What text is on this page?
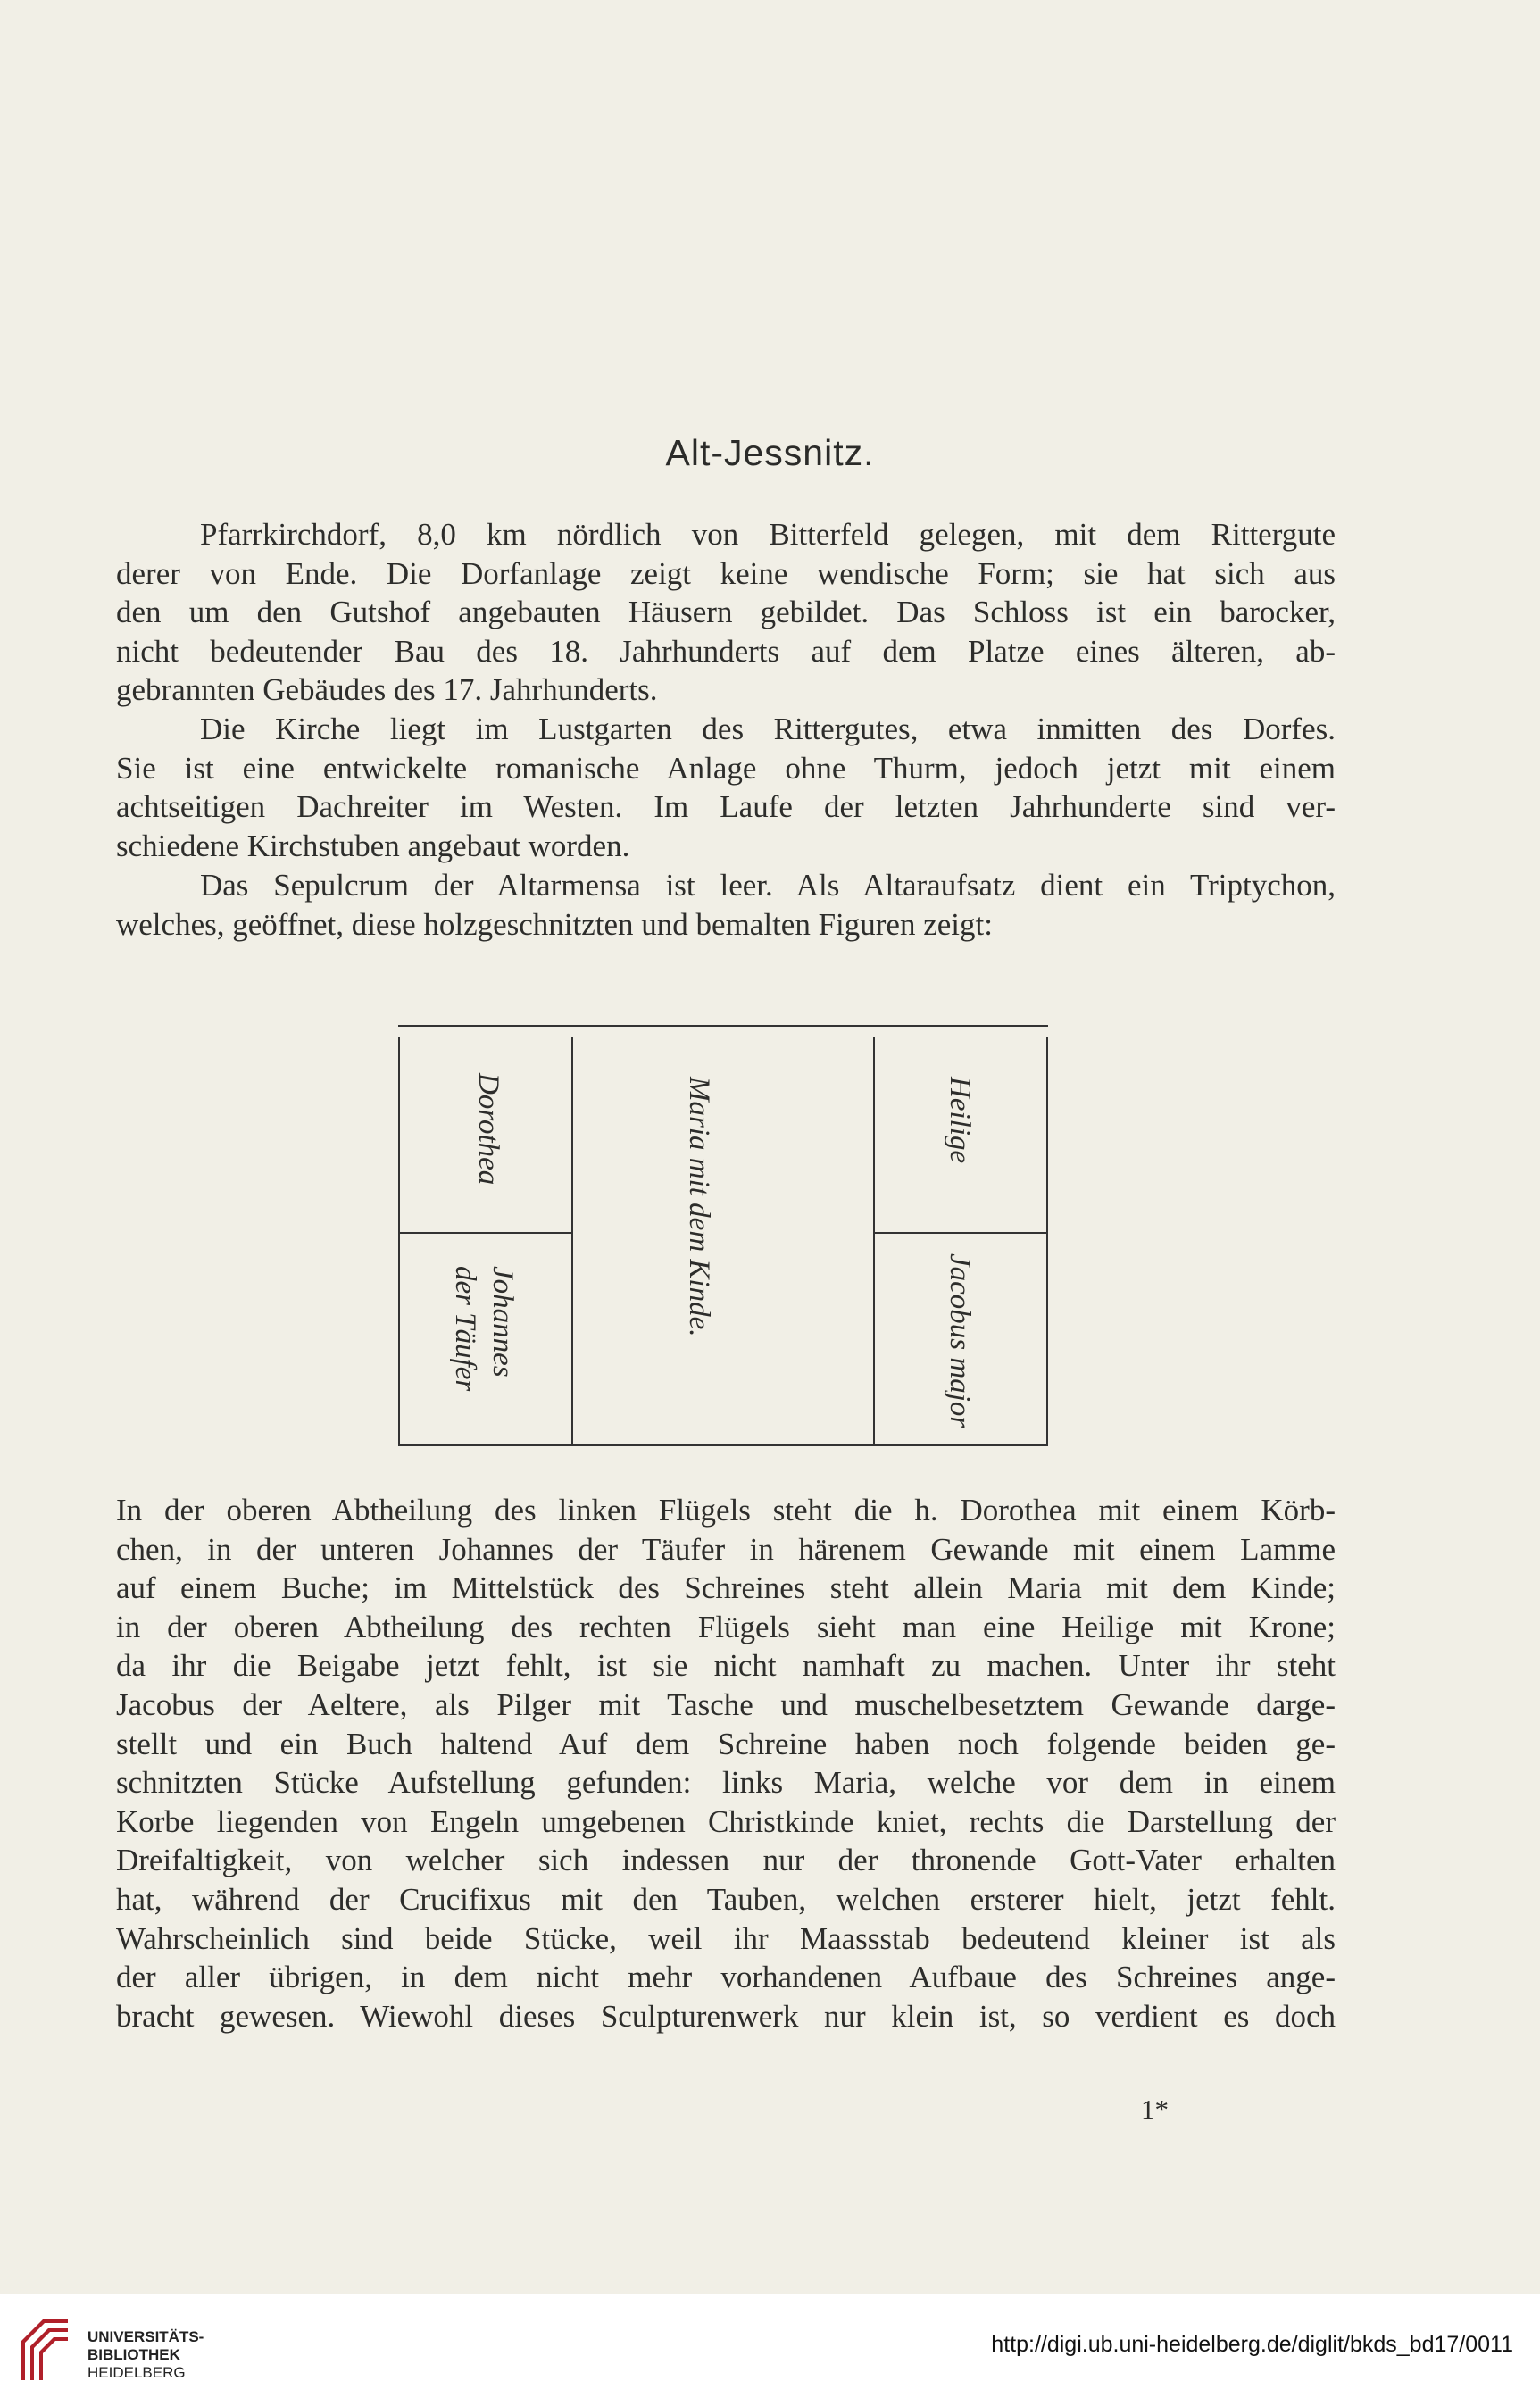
Alt-Jessnitz.
Pfarrkirchdorf, 8,0 km nördlich von Bitterfeld gelegen, mit dem Rittergute
derer von Ende. Die Dorfanlage zeigt keine wendische Form; sie hat sich aus
den um den Gutshof angebauten Häusern gebildet. Das Schloss ist ein barocker,
nicht bedeutender Bau des 18. Jahrhunderts auf dem Platze eines älteren, ab-
gebrannten Gebäudes des 17. Jahrhunderts.
Die Kirche liegt im Lustgarten des Rittergutes, etwa inmitten des Dorfes.
Sie ist eine entwickelte romanische Anlage ohne Thurm, jedoch jetzt mit einem
achtseitigen Dachreiter im Westen. Im Laufe der letzten Jahrhunderte sind ver-
schiedene Kirchstuben angebaut worden.
Das Sepulcrum der Altarmensa ist leer. Als Altaraufsatz dient ein Triptychon,
welches, geöffnet, diese holzgeschnitzten und bemalten Figuren zeigt:
Dorothea
Johannes
der Täufer	Maria mit dem Kinde.	Heilige
Jacobus major
In der oberen Abtheilung des linken Flügels steht die h. Dorothea mit einem Körb-
chen, in der unteren Johannes der Täufer in härenem Gewande mit einem Lamme
auf einem Buche; im Mittelstück des Schreines steht allein Maria mit dem Kinde;
in der oberen Abtheilung des rechten Flügels sieht man eine Heilige mit Krone;
da ihr die Beigabe jetzt fehlt, ist sie nicht namhaft zu machen. Unter ihr steht
Jacobus der Aeltere, als Pilger mit Tasche und muschelbesetztem Gewande darge-
stellt und ein Buch haltend Auf dem Schreine haben noch folgende beiden ge-
schnitzten Stücke Aufstellung gefunden: links Maria, welche vor dem in einem
Korbe liegenden von Engeln umgebenen Christkinde kniet, rechts die Darstellung der
Dreifaltigkeit, von welcher sich indessen nur der thronende Gott-Vater erhalten
hat, während der Crucifixus mit den Tauben, welchen ersterer hielt, jetzt fehlt.
Wahrscheinlich sind beide Stücke, weil ihr Maassstab bedeutend kleiner ist als
der aller übrigen, in dem nicht mehr vorhandenen Aufbaue des Schreines ange-
bracht gewesen. Wiewohl dieses Sculpturenwerk nur klein ist, so verdient es doch
1*
UNIVERSITÄTS-
BIBLIOTHEK
HEIDELBERG
http://digi.ub.uni-heidelberg.de/diglit/bkds_bd17/0011
